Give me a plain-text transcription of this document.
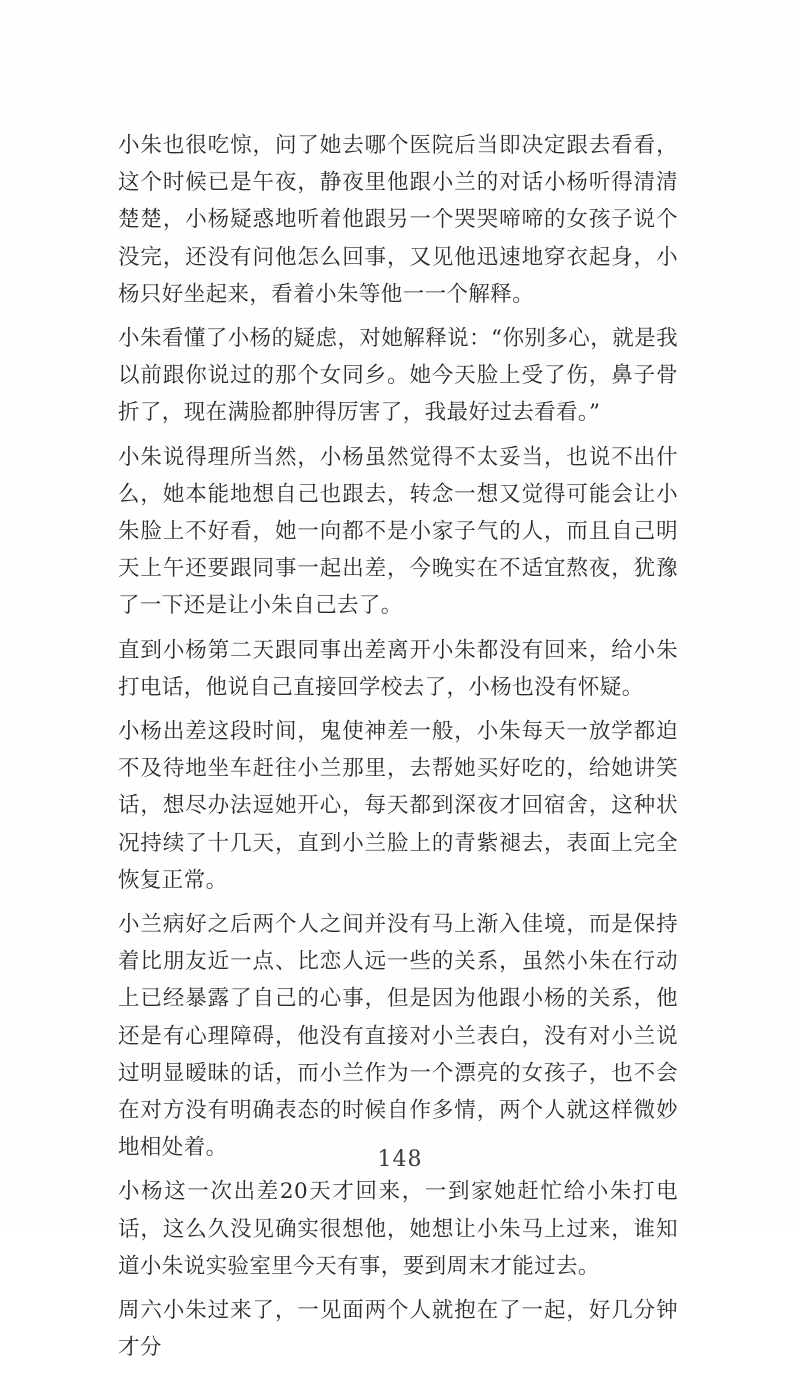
小朱也很吃惊，问了她去哪个医院后当即决定跟去看看，这个时候已是午夜，静夜里他跟小兰的对话小杨听得清清楚楚，小杨疑惑地听着他跟另一个哭哭啼啼的女孩子说个没完，还没有问他怎么回事，又见他迅速地穿衣起身，小杨只好坐起来，看着小朱等他一一个解释。

小朱看懂了小杨的疑虑，对她解释说：“你别多心，就是我以前跟你说过的那个女同乡。她今天脸上受了伤，鼻子骨折了，现在满脸都肿得厉害了，我最好过去看看。”

小朱说得理所当然，小杨虽然觉得不太妥当，也说不出什么，她本能地想自己也跟去，转念一想又觉得可能会让小朱脸上不好看，她一向都不是小家子气的人，而且自己明天上午还要跟同事一起出差，今晚实在不适宜熬夜，犹豫了一下还是让小朱自己去了。

直到小杨第二天跟同事出差离开小朱都没有回来，给小朱打电话，他说自己直接回学校去了，小杨也没有怀疑。

小杨出差这段时间，鬼使神差一般，小朱每天一放学都迫不及待地坐车赶往小兰那里，去帮她买好吃的，给她讲笑话，想尽办法逗她开心，每天都到深夜才回宿舍，这种状况持续了十几天，直到小兰脸上的青紫褪去，表面上完全恢复正常。

小兰病好之后两个人之间并没有马上渐入佳境，而是保持着比朋友近一点、比恋人远一些的关系，虽然小朱在行动上已经暴露了自己的心事，但是因为他跟小杨的关系，他还是有心理障碍，他没有直接对小兰表白，没有对小兰说过明显暧昧的话，而小兰作为一个漂亮的女孩子，也不会在对方没有明确表态的时候自作多情，两个人就这样微妙地相处着。

小杨这一次出差20天才回来，一到家她赶忙给小朱打电话，这么久没见确实很想他，她想让小朱马上过来，谁知道小朱说实验室里今天有事，要到周末才能过去。

周六小朱过来了，一见面两个人就抱在了一起，好几分钟才分

148
